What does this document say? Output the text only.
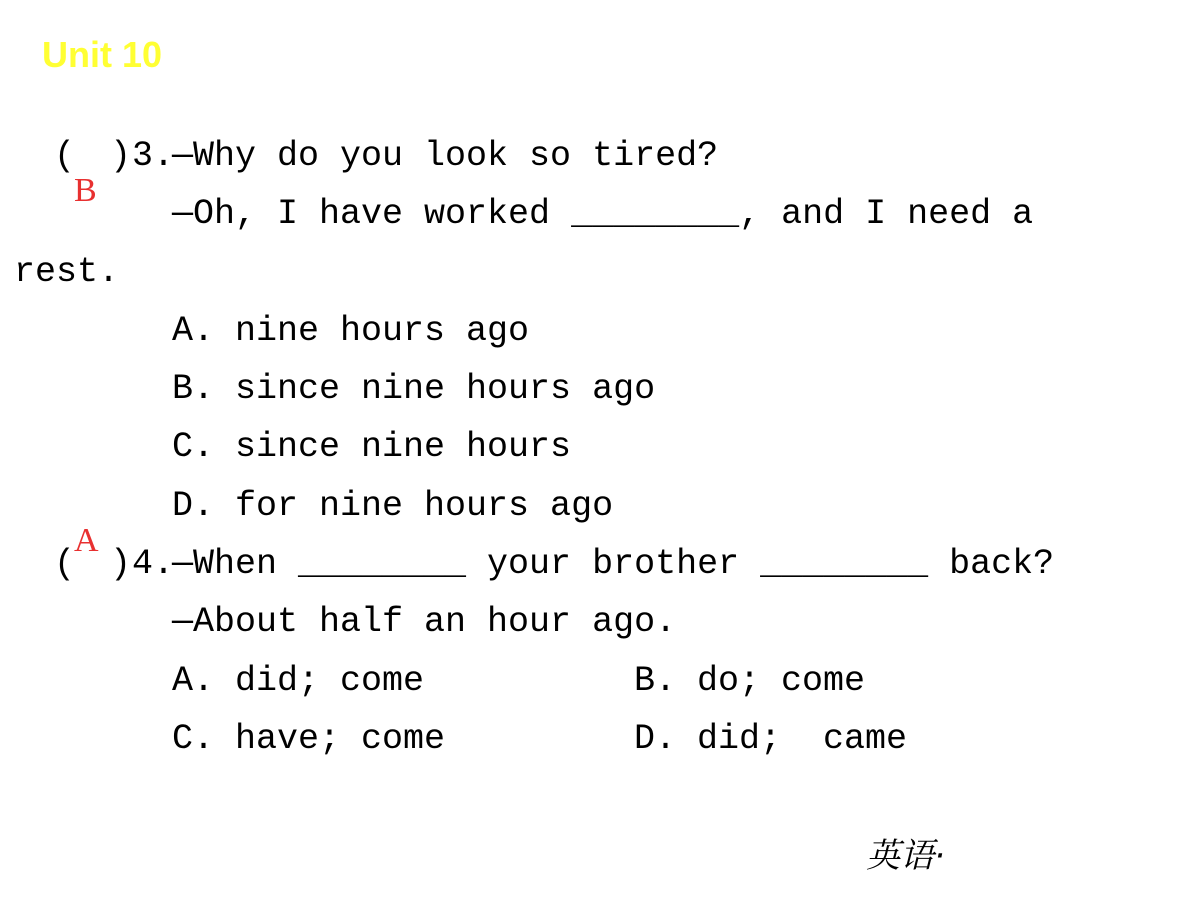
Unit 10
(
B
) 3.
—Why do you look so tired?
—Oh, I have worked ________, and I need a
rest.
A. nine hours ago
B. since nine hours ago
C. since nine hours
D. for nine hours ago
(
A
) 4.
—When ________ your brother ________ back?
—About half an hour ago.
A. did; come	B. do; come
C. have; come	D. did;  came
英语·
